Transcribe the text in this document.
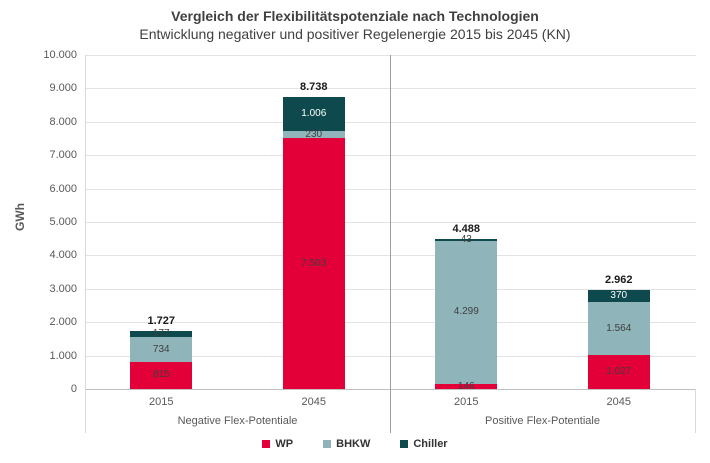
Vergleich der Flexibilitätspotenziale nach Technologien
Entwicklung negativer und positiver Regelenergie 2015 bis 2045 (KN)
GWh
WP	BHKW	Chiller
0
1.000
2.000
3.000
4.000
5.000
6.000
7.000
8.000
9.000
10.000
815
734
177
1.727
2015
7.503
230
1.006
8.738
2045
Negative Flex-Potentiale
146
4.299
43
4.488
2015
1.027
1.564
370
2.962
2045
Positive Flex-Potentiale
